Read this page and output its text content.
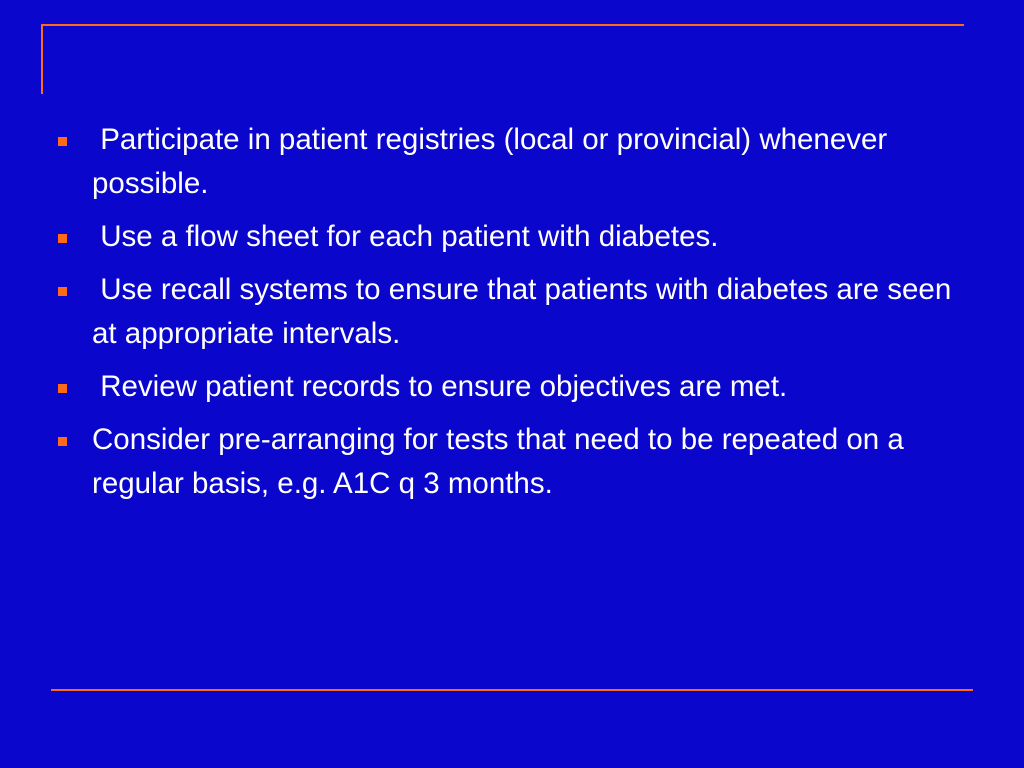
Participate in patient registries (local or provincial) whenever possible.
Use a flow sheet for each patient with diabetes.
Use recall systems to ensure that patients with diabetes are seen at appropriate intervals.
Review patient records to ensure objectives are met.
Consider pre-arranging for tests that need to be repeated on a regular basis, e.g. A1C q 3 months.
